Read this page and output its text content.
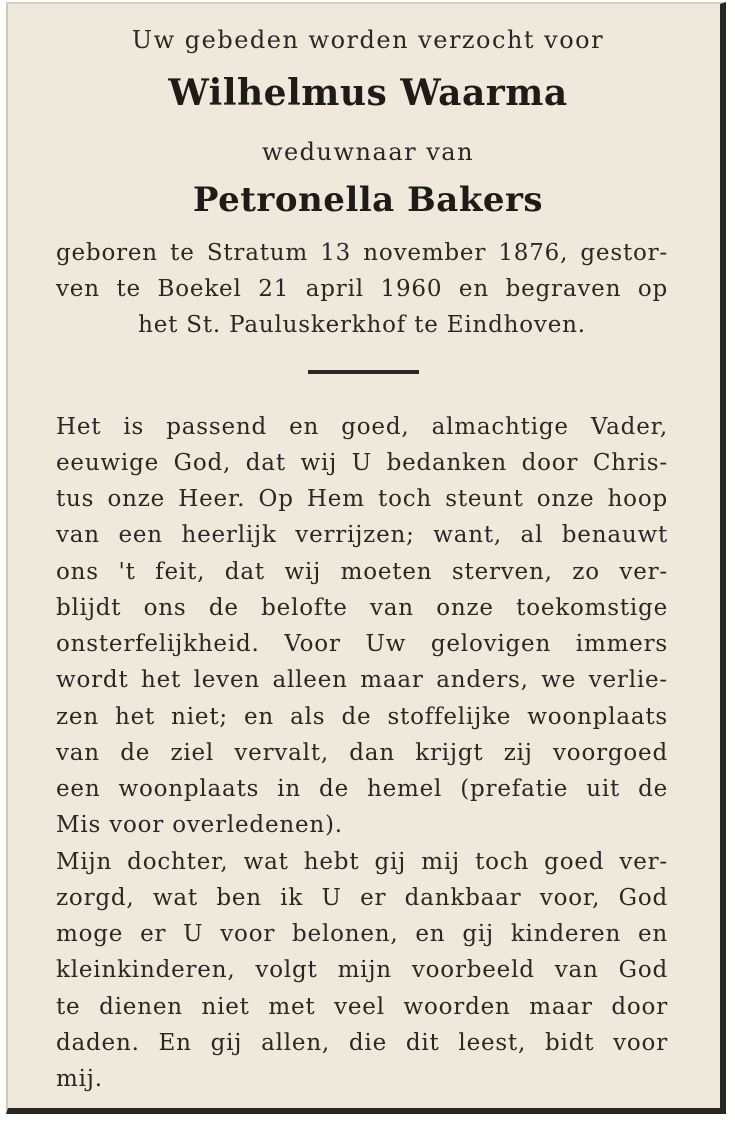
Uw gebeden worden verzocht voor
Wilhelmus Waarma
weduwnaar van
Petronella Bakers
geboren te Stratum 13 november 1876, gestor-
ven te Boekel 21 april 1960 en begraven op
het St. Pauluskerkhof te Eindhoven.
Het is passend en goed, almachtige Vader,
eeuwige God, dat wij U bedanken door Chris-
tus onze Heer. Op Hem toch steunt onze hoop
van een heerlijk verrijzen; want, al benauwt
ons 't feit, dat wij moeten sterven, zo ver-
blijdt ons de belofte van onze toekomstige
onsterfelijkheid. Voor Uw gelovigen immers
wordt het leven alleen maar anders, we verlie-
zen het niet; en als de stoffelijke woonplaats
van de ziel vervalt, dan krijgt zij voorgoed
een woonplaats in de hemel (prefatie uit de
Mis voor overledenen).
Mijn dochter, wat hebt gij mij toch goed ver-
zorgd, wat ben ik U er dankbaar voor, God
moge er U voor belonen, en gij kinderen en
kleinkinderen, volgt mijn voorbeeld van God
te dienen niet met veel woorden maar door
daden. En gij allen, die dit leest, bidt voor
mij.
